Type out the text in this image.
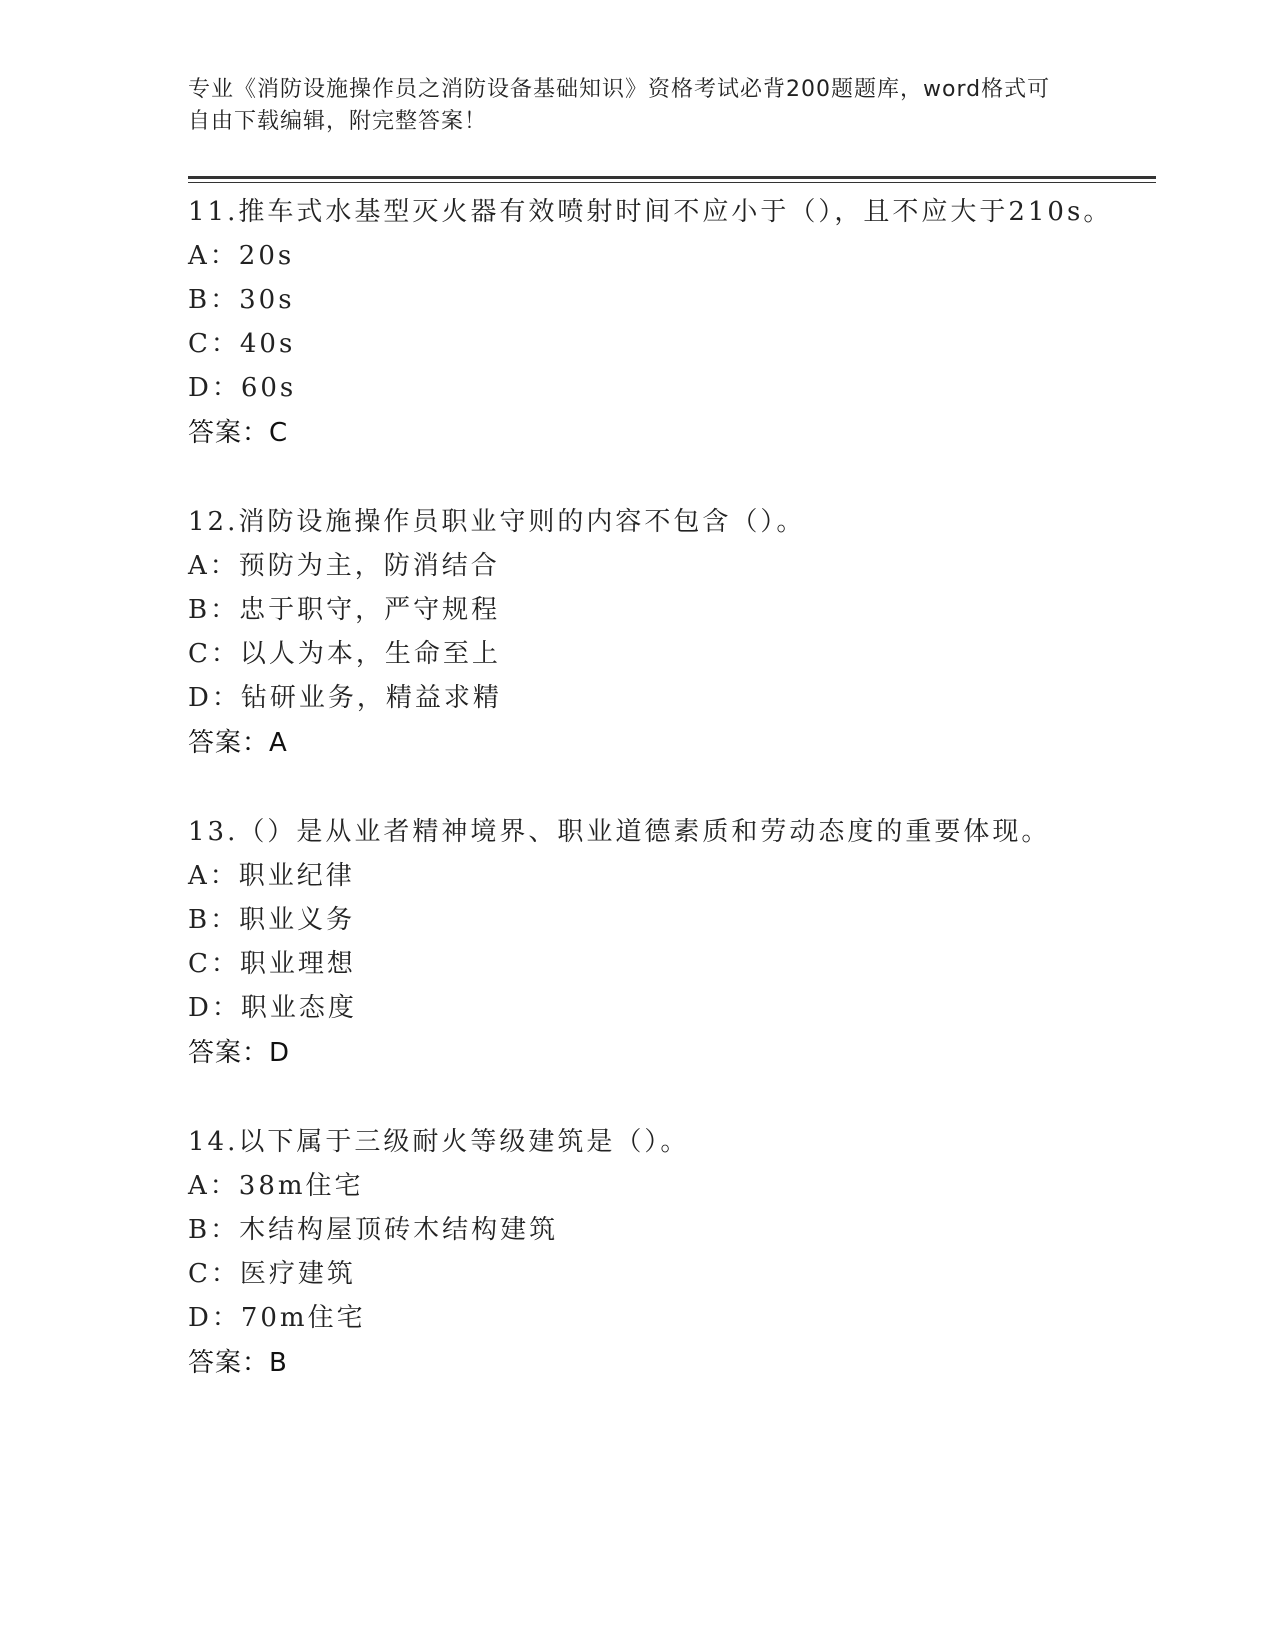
专业《消防设施操作员之消防设备基础知识》资格考试必背200题题库，word格式可自由下载编辑，附完整答案！
11.推车式水基型灭火器有效喷射时间不应小于（），且不应大于210s。
A：20s
B：30s
C：40s
D：60s
答案：C
12.消防设施操作员职业守则的内容不包含（）。
A：预防为主，防消结合
B：忠于职守，严守规程
C：以人为本，生命至上
D：钻研业务，精益求精
答案：A
13.（）是从业者精神境界、职业道德素质和劳动态度的重要体现。
A：职业纪律
B：职业义务
C：职业理想
D：职业态度
答案：D
14.以下属于三级耐火等级建筑是（）。
A：38m住宅
B：木结构屋顶砖木结构建筑
C：医疗建筑
D：70m住宅
答案：B
